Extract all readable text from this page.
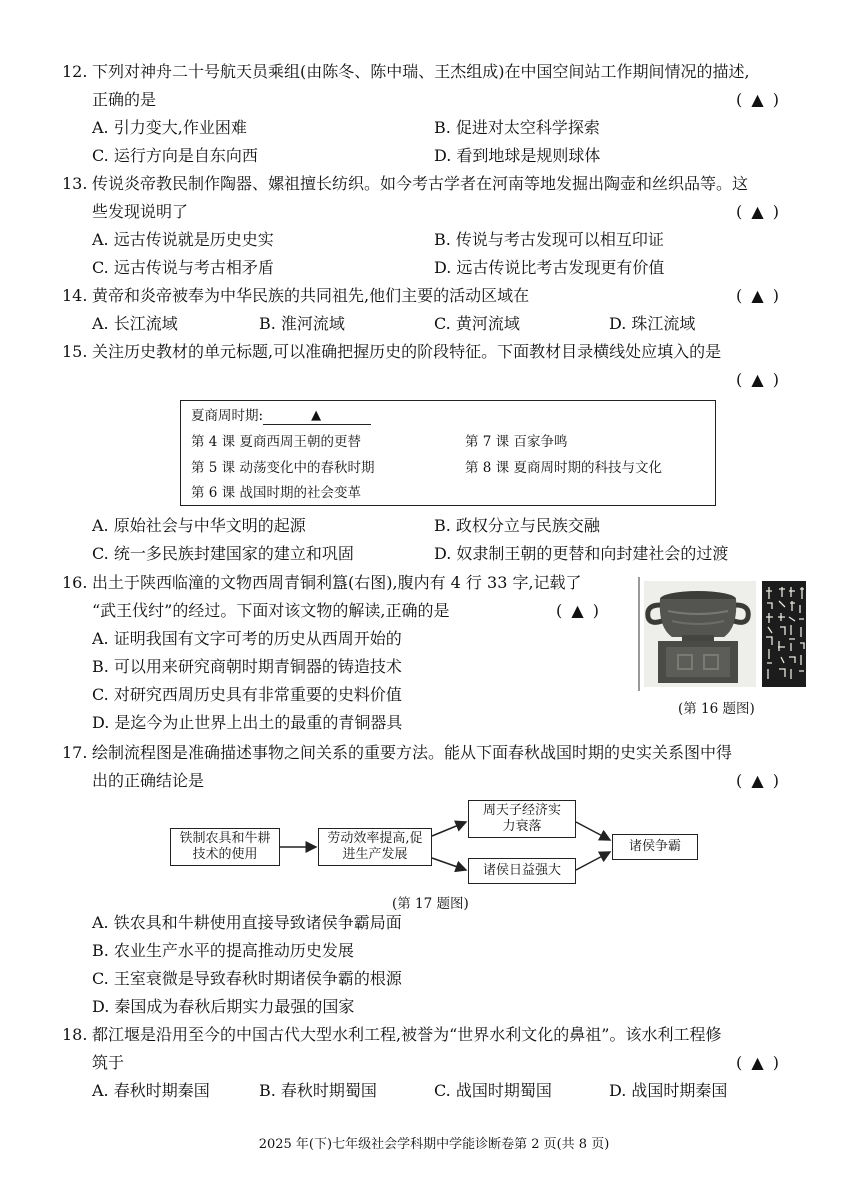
12. 下列对神舟二十号航天员乘组(由陈冬、陈中瑞、王杰组成)在中国空间站工作期间情况的描述,
正确的是	( ▲ )
A. 引力变大,作业困难	B. 促进对太空科学探索
C. 运行方向是自东向西	D. 看到地球是规则球体
13. 传说炎帝教民制作陶器、嫘祖擅长纺织。如今考古学者在河南等地发掘出陶壶和丝织品等。这
些发现说明了	( ▲ )
A. 远古传说就是历史史实	B. 传说与考古发现可以相互印证
C. 远古传说与考古相矛盾	D. 远古传说比考古发现更有价值
14. 黄帝和炎帝被奉为中华民族的共同祖先,他们主要的活动区域在	( ▲ )
A. 长江流域	B. 淮河流域	C. 黄河流域	D. 珠江流域
15. 关注历史教材的单元标题,可以准确把握历史的阶段特征。下面教材目录横线处应填入的是
( ▲ )
夏商周时期:	▲
第 4 课 夏商西周王朝的更替
第 5 课 动荡变化中的春秋时期
第 6 课 战国时期的社会变革
第 7 课 百家争鸣
第 8 课 夏商周时期的科技与文化
A. 原始社会与中华文明的起源	B. 政权分立与民族交融
C. 统一多民族封建国家的建立和巩固	D. 奴隶制王朝的更替和向封建社会的过渡
16. 出土于陕西临潼的文物西周青铜利簋(右图),腹内有 4 行 33 字,记载了
“武王伐纣”的经过。下面对该文物的解读,正确的是	( ▲ )
A. 证明我国有文字可考的历史从西周开始的
B. 可以用来研究商朝时期青铜器的铸造技术
C. 对研究西周历史具有非常重要的史料价值
D. 是迄今为止世界上出土的最重的青铜器具
(第 16 题图)
17. 绘制流程图是准确描述事物之间关系的重要方法。能从下面春秋战国时期的史实关系图中得
出的正确结论是	( ▲ )
铁制农具和牛耕技术的使用
劳动效率提高,促进生产发展
周天子经济实力衰落
诸侯日益强大
诸侯争霸
(第 17 题图)
A. 铁农具和牛耕使用直接导致诸侯争霸局面
B. 农业生产水平的提高推动历史发展
C. 王室衰微是导致春秋时期诸侯争霸的根源
D. 秦国成为春秋后期实力最强的国家
18. 都江堰是沿用至今的中国古代大型水利工程,被誉为“世界水利文化的鼻祖”。该水利工程修
筑于	( ▲ )
A. 春秋时期秦国	B. 春秋时期蜀国	C. 战国时期蜀国	D. 战国时期秦国
2025 年(下)七年级社会学科期中学能诊断卷第 2 页(共 8 页)
